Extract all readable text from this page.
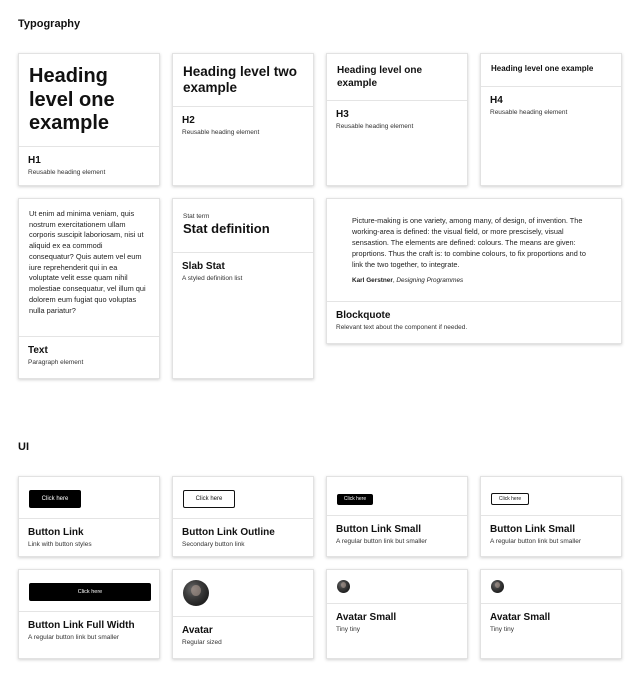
Typography
UI
Heading level one example
H1
Reusable heading element
Heading level two example
H2
Reusable heading element
Heading level one example
H3
Reusable heading element
Heading level one example
H4
Reusable heading element
Ut enim ad minima veniam, quis nostrum exercitationem ullam corporis suscipit laboriosam, nisi ut aliquid ex ea commodi consequatur? Quis autem vel eum iure reprehenderit qui in ea voluptate velit esse quam nihil molestiae consequatur, vel illum qui dolorem eum fugiat quo voluptas nulla pariatur?
Text
Paragraph element
Stat term
Stat definition
Slab Stat
A styled definition list
Picture-making is one variety, among many, of design, of invention. The working-area is defined: the visual field, or more prescisely, visual sensastion. The elements are defined: colours. The means are given: proprtions. Thus the craft is: to combine colours, to fix proportions and to link the two together, to integrate.
Karl Gerstner, Designing Programmes
Blockquote
Relevant text about the component if needed.
Click here
Button Link
Link with button styles
Click here
Button Link Outline
Secondary button link
Click here
Button Link Small
A regular button link but smaller
Click here
Button Link Small
A regular button link but smaller
Click here
Button Link Full Width
A regular button link but smaller
Avatar
Regular sized
Avatar Small
Tiny tiny
Avatar Small
Tiny tiny
